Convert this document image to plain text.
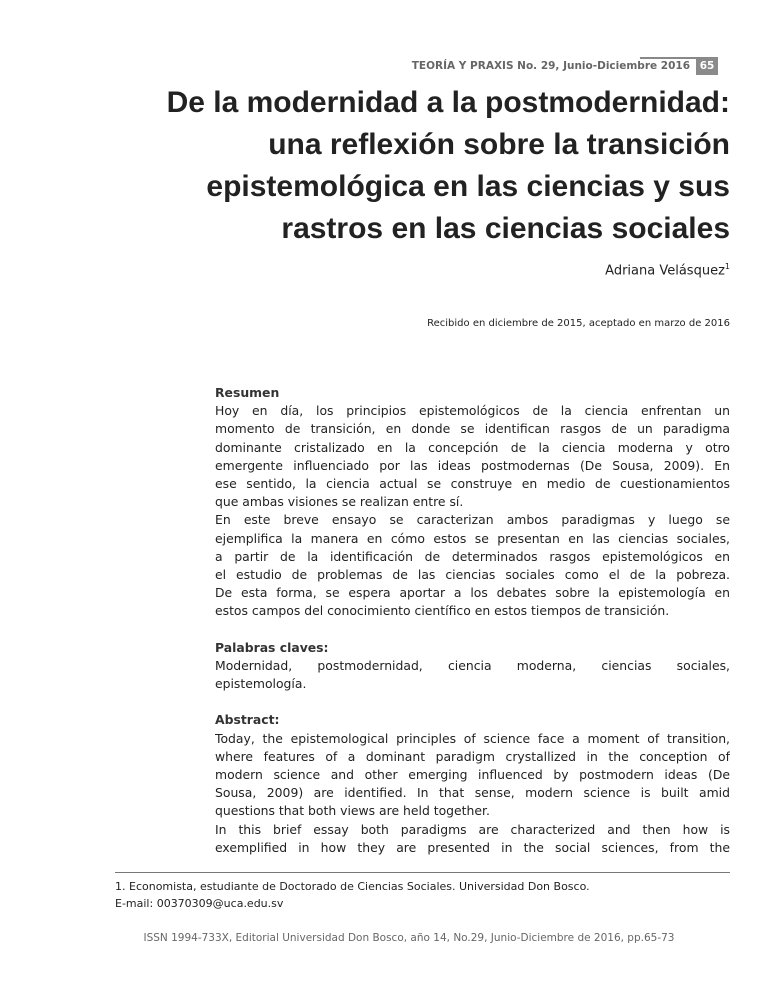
TEORÍA Y PRAXIS No. 29, Junio-Diciembre 2016 65
De la modernidad a la postmodernidad:
una reflexión sobre la transición
epistemológica en las ciencias y sus
rastros en las ciencias sociales
Adriana Velásquez$^1$
Recibido en diciembre de 2015, aceptado en marzo de 2016
Resumen
Hoy en día, los principios epistemológicos de la ciencia enfrentan un
momento de transición, en donde se identifican rasgos de un paradigma
dominante cristalizado en la concepción de la ciencia moderna y otro
emergente influenciado por las ideas postmodernas (De Sousa, 2009). En
ese sentido, la ciencia actual se construye en medio de cuestionamientos
que ambas visiones se realizan entre sí.
En este breve ensayo se caracterizan ambos paradigmas y luego se
ejemplifica la manera en cómo estos se presentan en las ciencias sociales,
a partir de la identificación de determinados rasgos epistemológicos en
el estudio de problemas de las ciencias sociales como el de la pobreza.
De esta forma, se espera aportar a los debates sobre la epistemología en
estos campos del conocimiento científico en estos tiempos de transición.
Palabras claves:
Modernidad, postmodernidad, ciencia moderna, ciencias sociales,
epistemología.
Abstract:
Today, the epistemological principles of science face a moment of transition,
where features of a dominant paradigm crystallized in the conception of
modern science and other emerging influenced by postmodern ideas (De
Sousa, 2009) are identified. In that sense, modern science is built amid
questions that both views are held together.
In this brief essay both paradigms are characterized and then how is
exemplified in how they are presented in the social sciences, from the
1. Economista, estudiante de Doctorado de Ciencias Sociales. Universidad Don Bosco.
E-mail: 00370309@uca.edu.sv
ISSN 1994-733X, Editorial Universidad Don Bosco, año 14, No.29, Junio-Diciembre de 2016, pp.65-73
